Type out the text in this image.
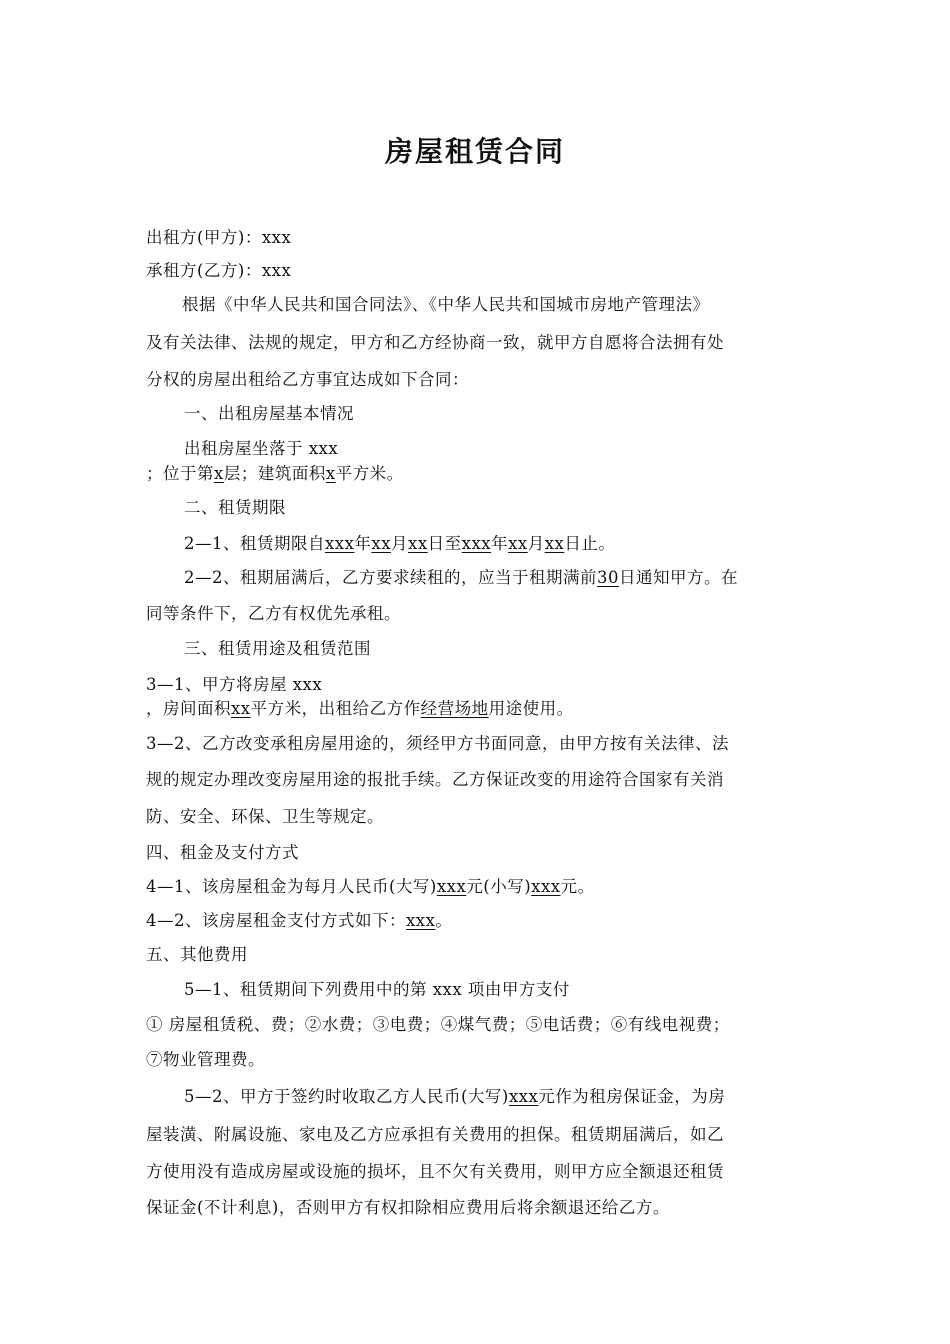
房屋租赁合同
出租方(甲方)：xxx
承租方(乙方)：xxx
根据《中华人民共和国合同法》、《中华人民共和国城市房地产管理法》
及有关法律、法规的规定，甲方和乙方经协商一致，就甲方自愿将合法拥有处
分权的房屋出租给乙方事宜达成如下合同：
一、出租房屋基本情况
出租房屋坐落于 xxx
；位于第x层；建筑面积x平方米。
二、租赁期限
2—1、租赁期限自xxx年xx月xx日至xxx年xx月xx日止。
2—2、租期届满后，乙方要求续租的，应当于租期满前30日通知甲方。在
同等条件下，乙方有权优先承租。
三、租赁用途及租赁范围
3—1、甲方将房屋 xxx
，房间面积xx平方米，出租给乙方作经营场地用途使用。
3—2、乙方改变承租房屋用途的，须经甲方书面同意，由甲方按有关法律、法
规的规定办理改变房屋用途的报批手续。乙方保证改变的用途符合国家有关消
防、安全、环保、卫生等规定。
四、租金及支付方式
4—1、该房屋租金为每月人民币(大写)xxx元(小写)xxx元。
4—2、该房屋租金支付方式如下：xxx。
五、其他费用
5—1、租赁期间下列费用中的第 xxx 项由甲方支付
① 房屋租赁税、费；②水费；③电费；④煤气费；⑤电话费；⑥有线电视费；
⑦物业管理费。
5—2、甲方于签约时收取乙方人民币(大写)xxx元作为租房保证金，为房
屋装潢、附属设施、家电及乙方应承担有关费用的担保。租赁期届满后，如乙
方使用没有造成房屋或设施的损坏，且不欠有关费用，则甲方应全额退还租赁
保证金(不计利息)，否则甲方有权扣除相应费用后将余额退还给乙方。
